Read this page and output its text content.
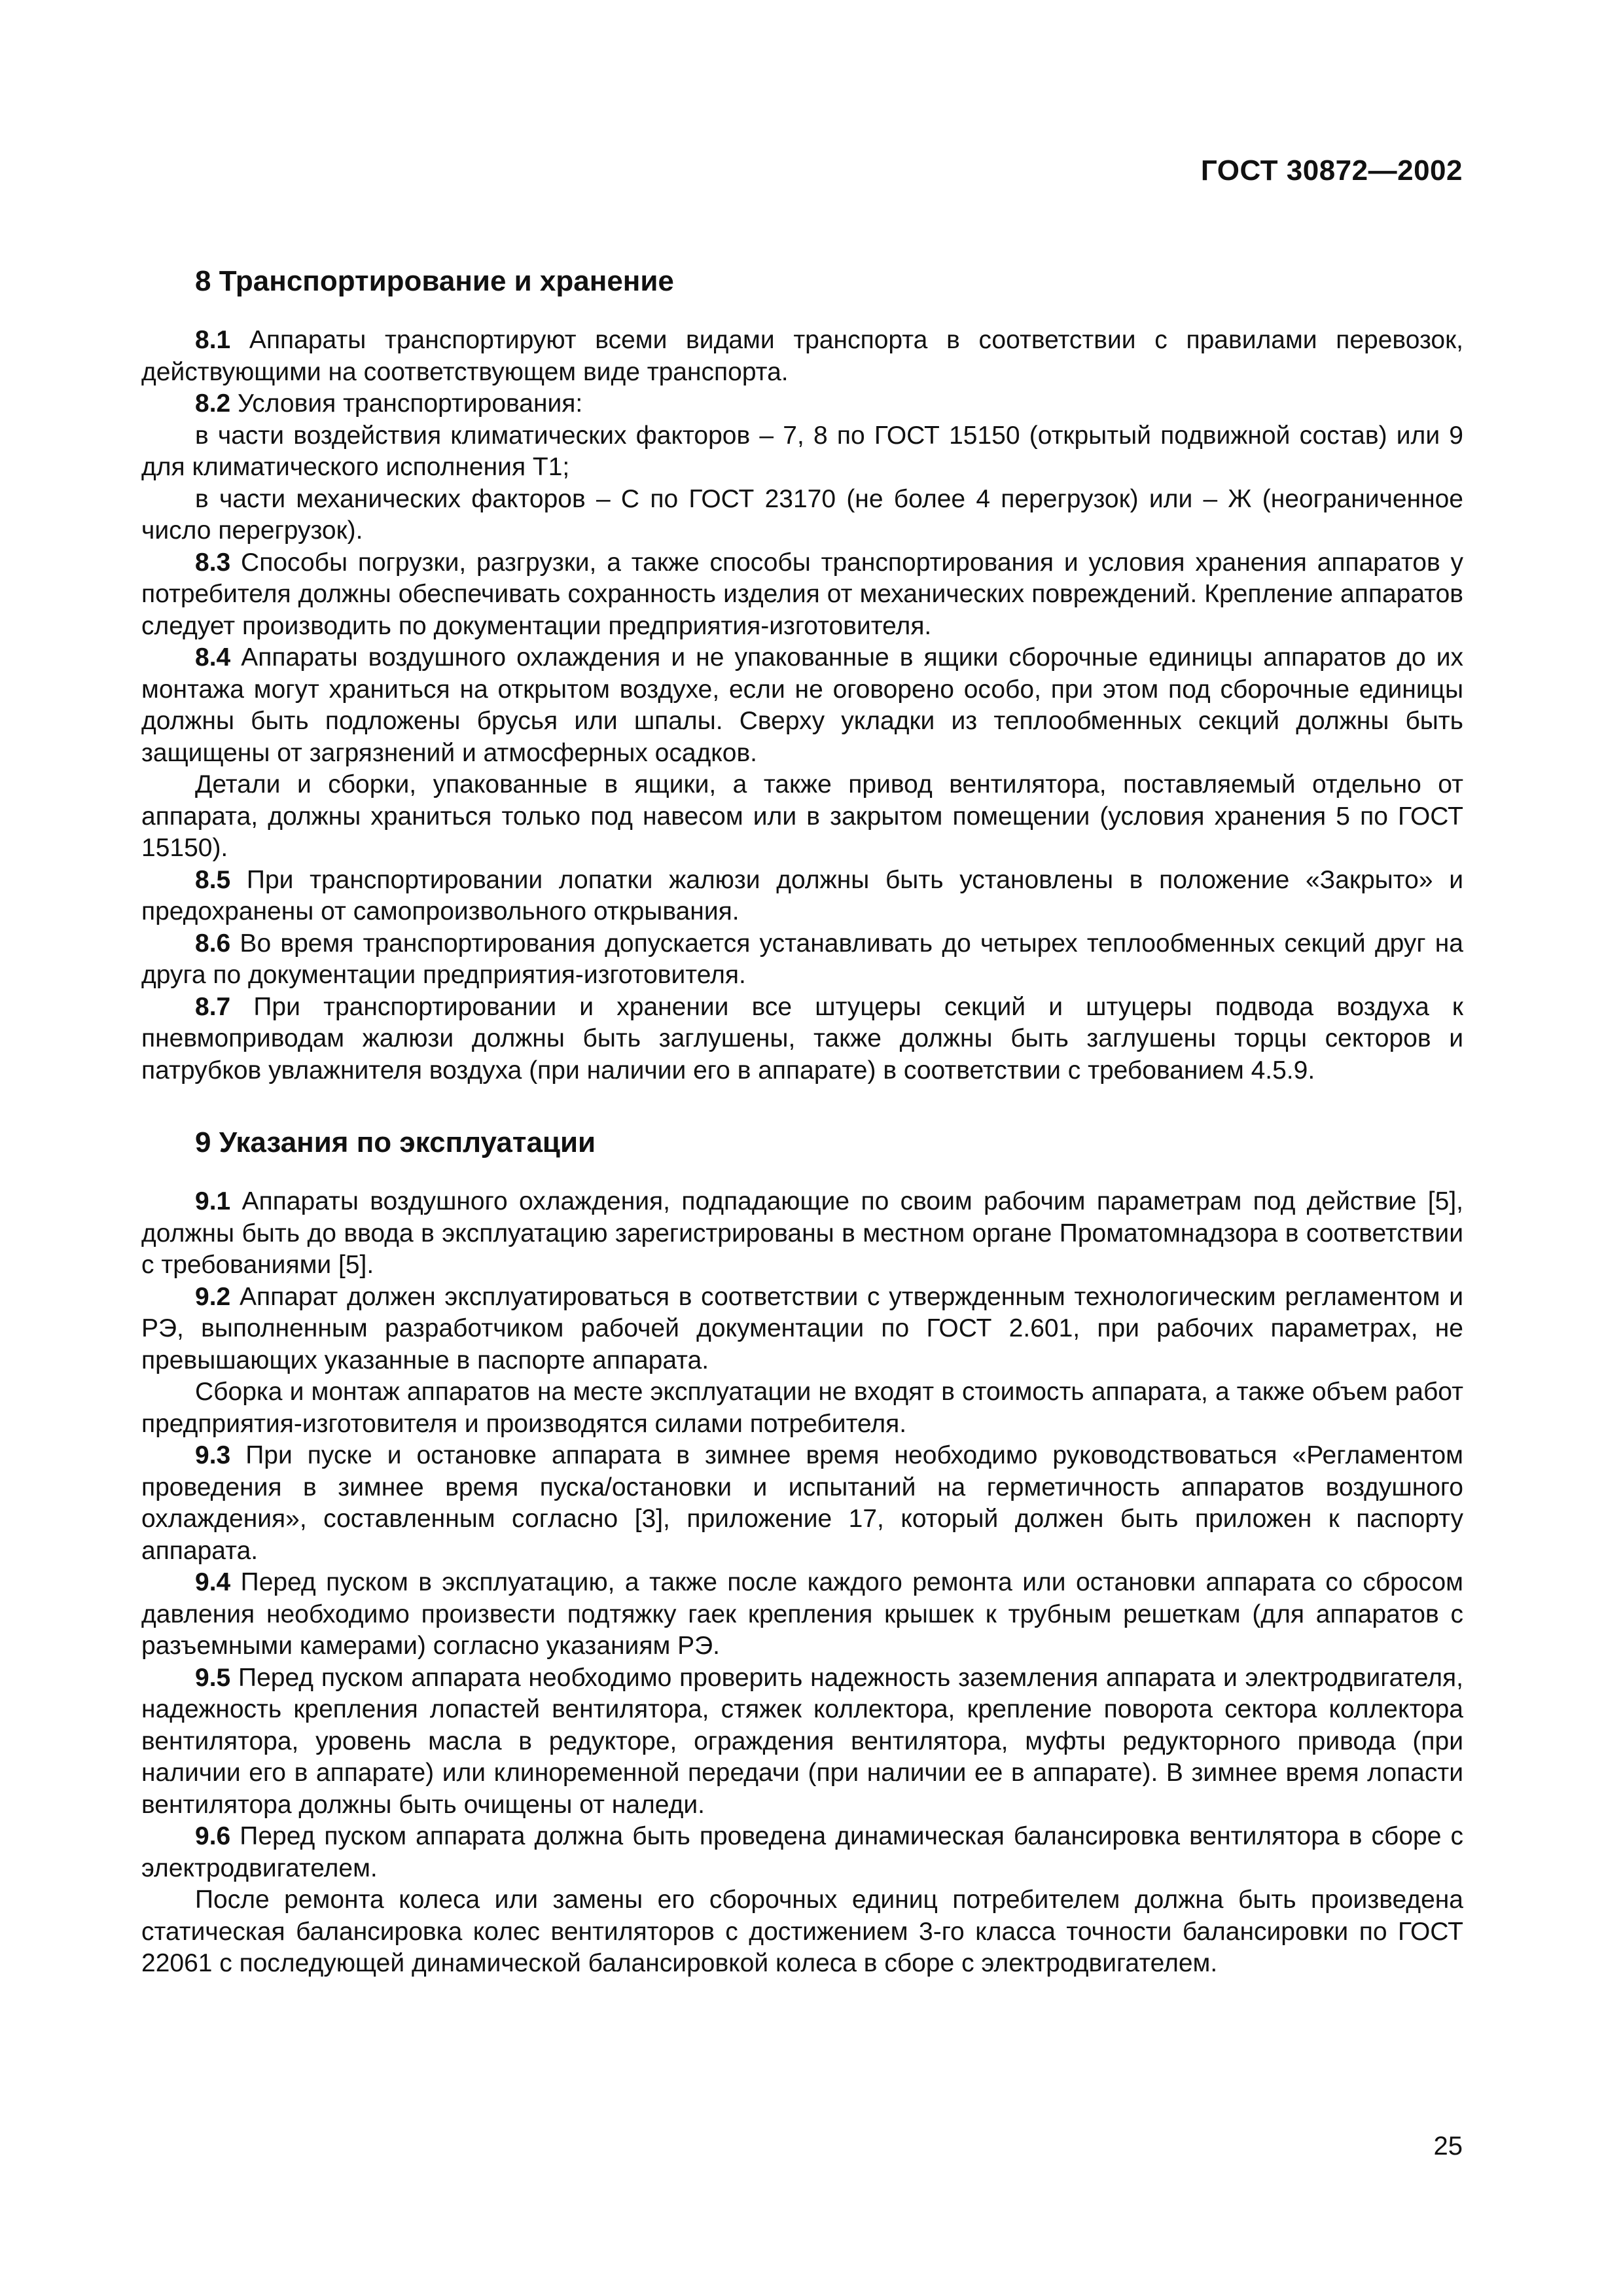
ГОСТ 30872—2002
8 Транспортирование и хранение

8.1 Аппараты транспортируют всеми видами транспорта в соответствии с правилами перевозок, действующими на соответствующем виде транспорта.

8.2 Условия транспортирования:

в части воздействия климатических факторов – 7, 8 по ГОСТ 15150 (открытый подвижной состав) или 9 для климатического исполнения Т1;

в части механических факторов – С по ГОСТ 23170 (не более 4 перегрузок) или – Ж (неограниченное число перегрузок).

8.3 Способы погрузки, разгрузки, а также способы транспортирования и условия хранения аппаратов у потребителя должны обеспечивать сохранность изделия от механических повреждений. Крепление аппаратов следует производить по документации предприятия-изготовителя.

8.4 Аппараты воздушного охлаждения и не упакованные в ящики сборочные единицы аппаратов до их монтажа могут храниться на открытом воздухе, если не оговорено особо, при этом под сборочные единицы должны быть подложены брусья или шпалы. Сверху укладки из теплообменных секций должны быть защищены от загрязнений и атмосферных осадков.

Детали и сборки, упакованные в ящики, а также привод вентилятора, поставляемый отдельно от аппарата, должны храниться только под навесом или в закрытом помещении (условия хранения 5 по ГОСТ 15150).

8.5 При транспортировании лопатки жалюзи должны быть установлены в положение «Закрыто» и предохранены от самопроизвольного открывания.

8.6 Во время транспортирования допускается устанавливать до четырех теплообменных секций друг на друга по документации предприятия-изготовителя.

8.7 При транспортировании и хранении все штуцеры секций и штуцеры подвода воздуха к пневмоприводам жалюзи должны быть заглушены, также должны быть заглушены торцы секторов и патрубков увлажнителя воздуха (при наличии его в аппарате) в соответствии с требованием 4.5.9.

9 Указания по эксплуатации

9.1 Аппараты воздушного охлаждения, подпадающие по своим рабочим параметрам под действие [5], должны быть до ввода в эксплуатацию зарегистрированы в местном органе Проматомнадзора в соответствии с требованиями [5].

9.2 Аппарат должен эксплуатироваться в соответствии с утвержденным технологическим регламентом и РЭ, выполненным разработчиком рабочей документации по ГОСТ 2.601, при рабочих параметрах, не превышающих указанные в паспорте аппарата.

Сборка и монтаж аппаратов на месте эксплуатации не входят в стоимость аппарата, а также объем работ предприятия-изготовителя и производятся силами потребителя.

9.3 При пуске и остановке аппарата в зимнее время необходимо руководствоваться «Регламентом проведения в зимнее время пуска/остановки и испытаний на герметичность аппаратов воздушного охлаждения», составленным согласно [3], приложение 17, который должен быть приложен к паспорту аппарата.

9.4 Перед пуском в эксплуатацию, а также после каждого ремонта или остановки аппарата со сбросом давления необходимо произвести подтяжку гаек крепления крышек к трубным решеткам (для аппаратов с разъемными камерами) согласно указаниям РЭ.

9.5 Перед пуском аппарата необходимо проверить надежность заземления аппарата и электродвигателя, надежность крепления лопастей вентилятора, стяжек коллектора, крепление поворота сектора коллектора вентилятора, уровень масла в редукторе, ограждения вентилятора, муфты редукторного привода (при наличии его в аппарате) или клиноременной передачи (при наличии ее в аппарате). В зимнее время лопасти вентилятора должны быть очищены от наледи.

9.6 Перед пуском аппарата должна быть проведена динамическая балансировка вентилятора в сборе с электродвигателем.

После ремонта колеса или замены его сборочных единиц потребителем должна быть произведена статическая балансировка колес вентиляторов с достижением 3-го класса точности балансировки по ГОСТ 22061 с последующей динамической балансировкой колеса в сборе с электродвигателем.

25
